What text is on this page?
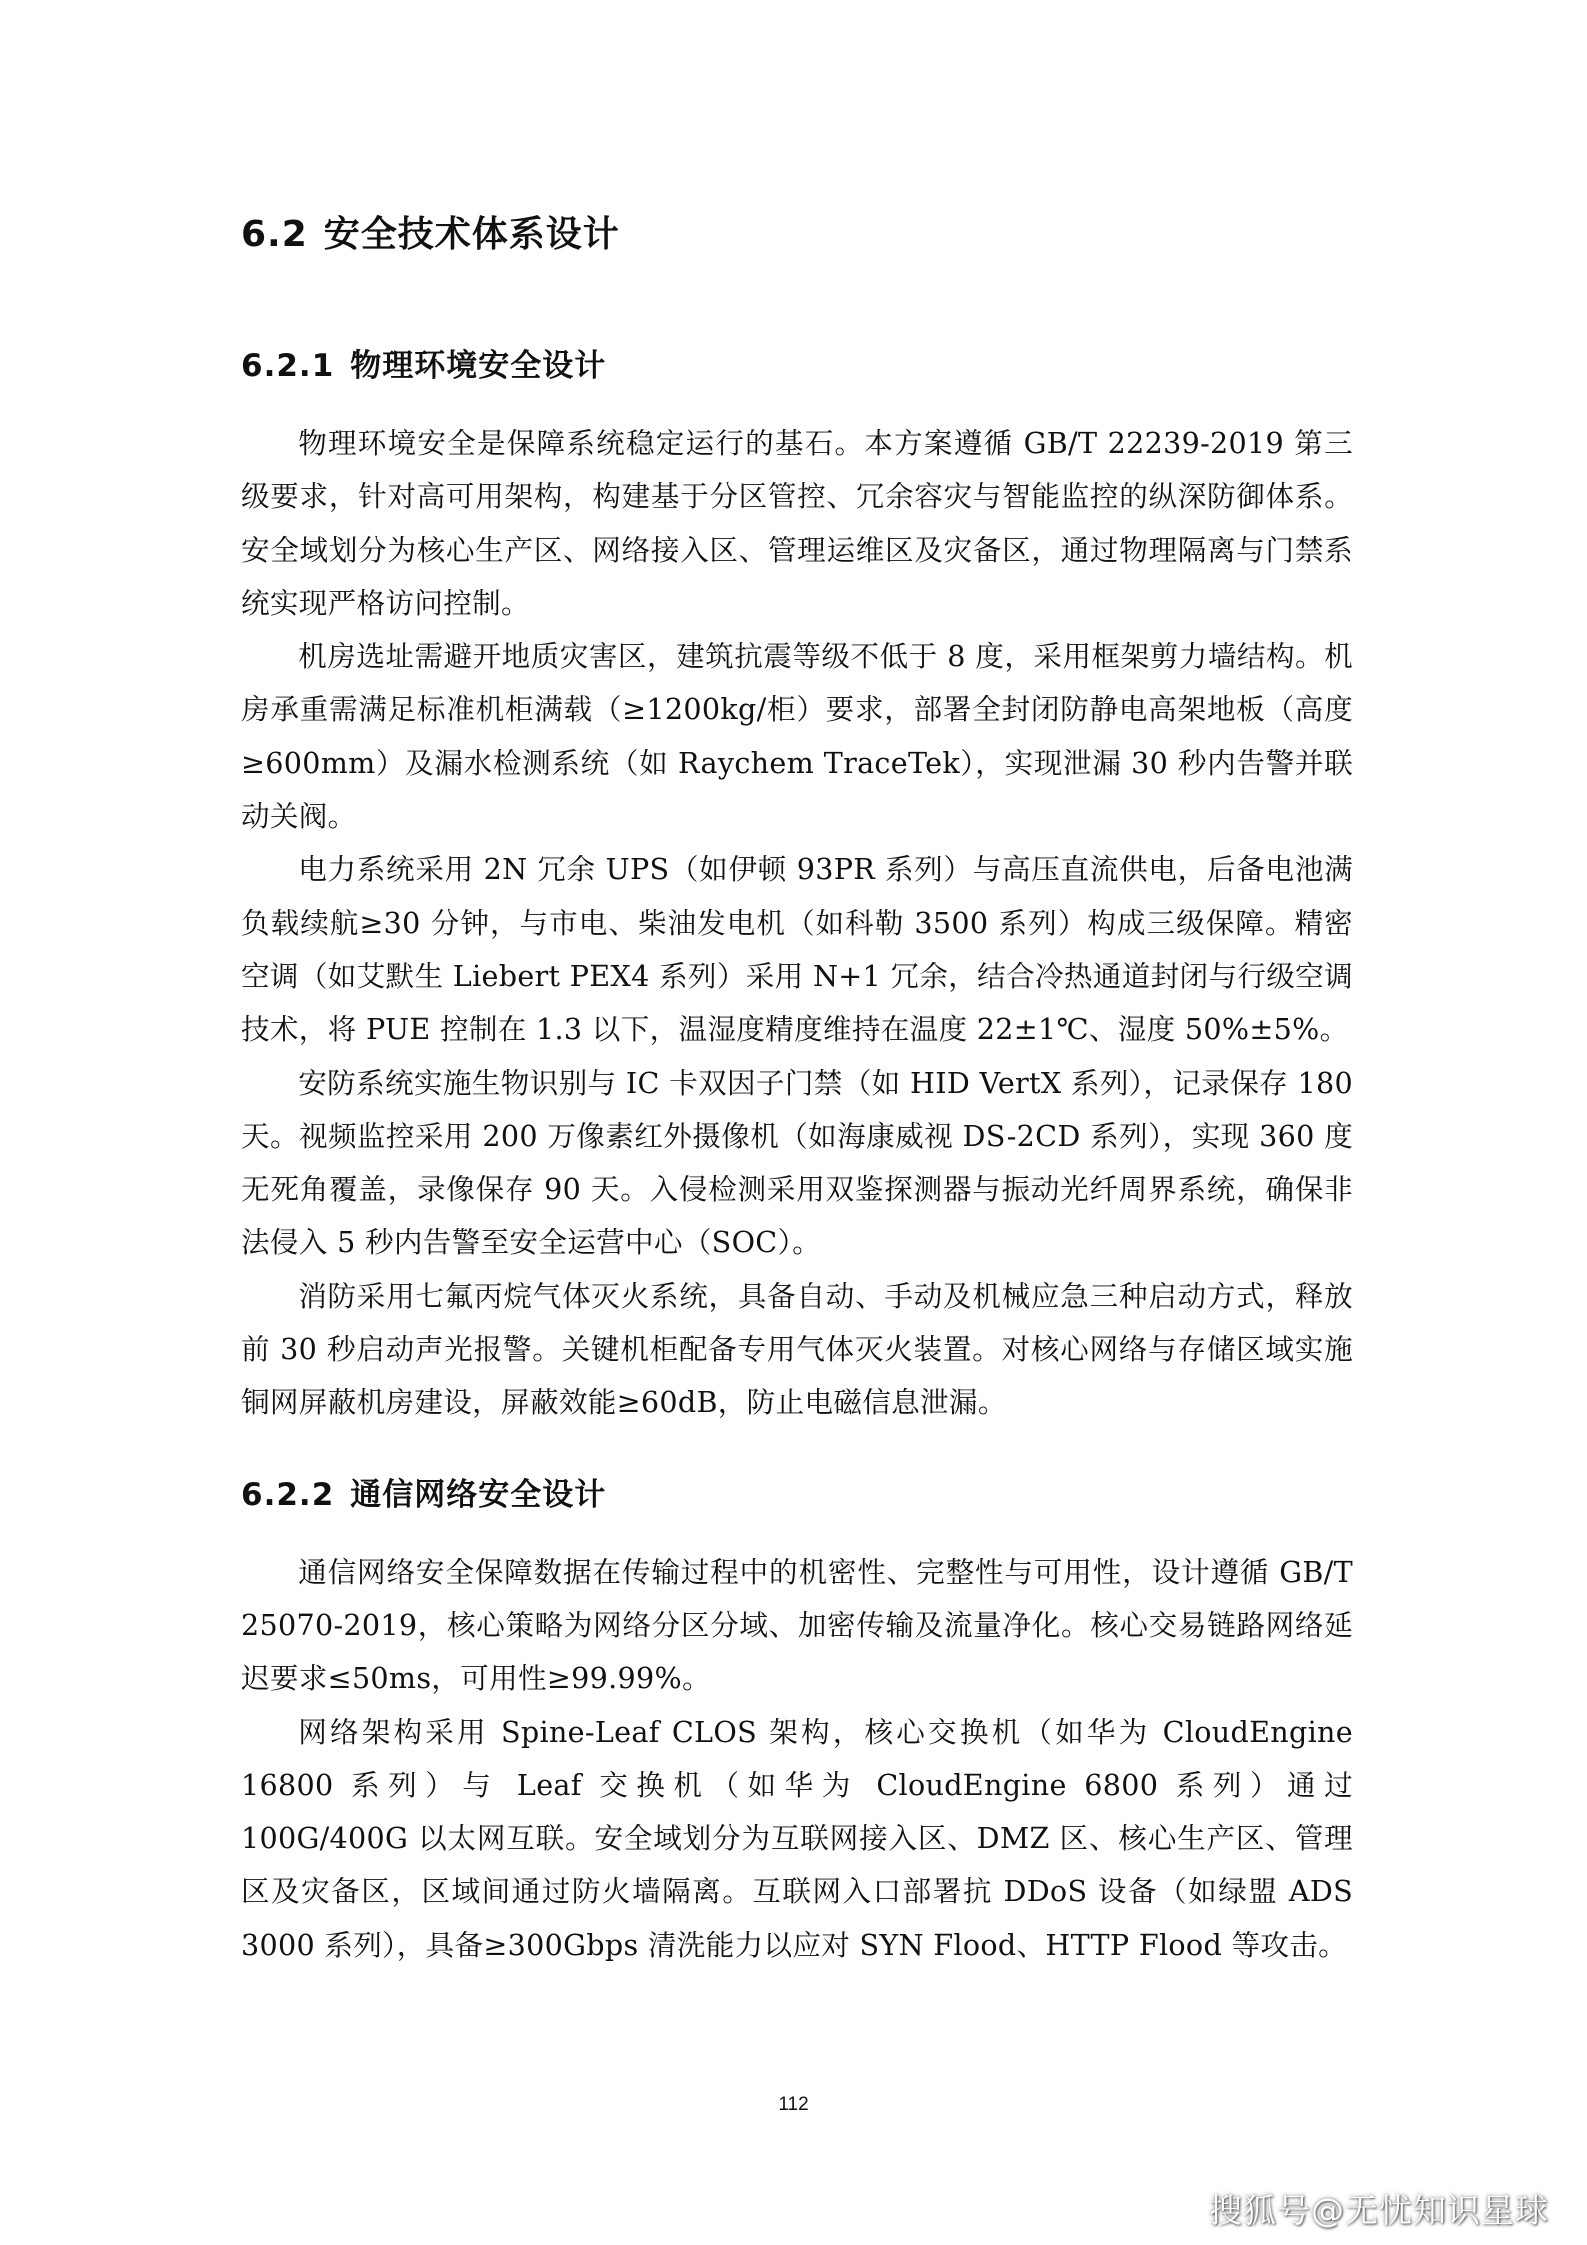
6.2 安全技术体系设计
6.2.1 物理环境安全设计

物理环境安全是保障系统稳定运行的基石。本方案遵循 GB/T 22239-2019 第三级要求，针对高可用架构，构建基于分区管控、冗余容灾与智能监控的纵深防御体系。安全域划分为核心生产区、网络接入区、管理运维区及灾备区，通过物理隔离与门禁系统实现严格访问控制。

机房选址需避开地质灾害区，建筑抗震等级不低于 8 度，采用框架剪力墙结构。机房承重需满足标准机柜满载（≥1200kg/柜）要求，部署全封闭防静电高架地板（高度≥600mm）及漏水检测系统（如 Raychem TraceTek），实现泄漏 30 秒内告警并联动关阀。

电力系统采用 2N 冗余 UPS（如伊顿 93PR 系列）与高压直流供电，后备电池满负载续航≥30 分钟，与市电、柴油发电机（如科勒 3500 系列）构成三级保障。精密空调（如艾默生 Liebert PEX4 系列）采用 N+1 冗余，结合冷热通道封闭与行级空调技术，将 PUE 控制在 1.3 以下，温湿度精度维持在温度 22±1℃、湿度 50%±5%。

安防系统实施生物识别与 IC 卡双因子门禁（如 HID VertX 系列），记录保存 180 天。视频监控采用 200 万像素红外摄像机（如海康威视 DS-2CD 系列），实现 360 度无死角覆盖，录像保存 90 天。入侵检测采用双鉴探测器与振动光纤周界系统，确保非法侵入 5 秒内告警至安全运营中心（SOC）。

消防采用七氟丙烷气体灭火系统，具备自动、手动及机械应急三种启动方式，释放前 30 秒启动声光报警。关键机柜配备专用气体灭火装置。对核心网络与存储区域实施铜网屏蔽机房建设，屏蔽效能≥60dB，防止电磁信息泄漏。

6.2.2 通信网络安全设计

通信网络安全保障数据在传输过程中的机密性、完整性与可用性，设计遵循 GB/T 25070-2019，核心策略为网络分区分域、加密传输及流量净化。核心交易链路网络延迟要求≤50ms，可用性≥99.99%。

网络架构采用 Spine-Leaf CLOS 架构，核心交换机（如华为 CloudEngine 16800 系列）与 Leaf 交换机（如华为 CloudEngine 6800 系列）通过 100G/400G 以太网互联。安全域划分为互联网接入区、DMZ 区、核心生产区、管理区及灾备区，区域间通过防火墙隔离。互联网入口部署抗 DDoS 设备（如绿盟 ADS 3000 系列），具备≥300Gbps 清洗能力以应对 SYN Flood、HTTP Flood 等攻击。

112
搜狐号@无忧知识星球
